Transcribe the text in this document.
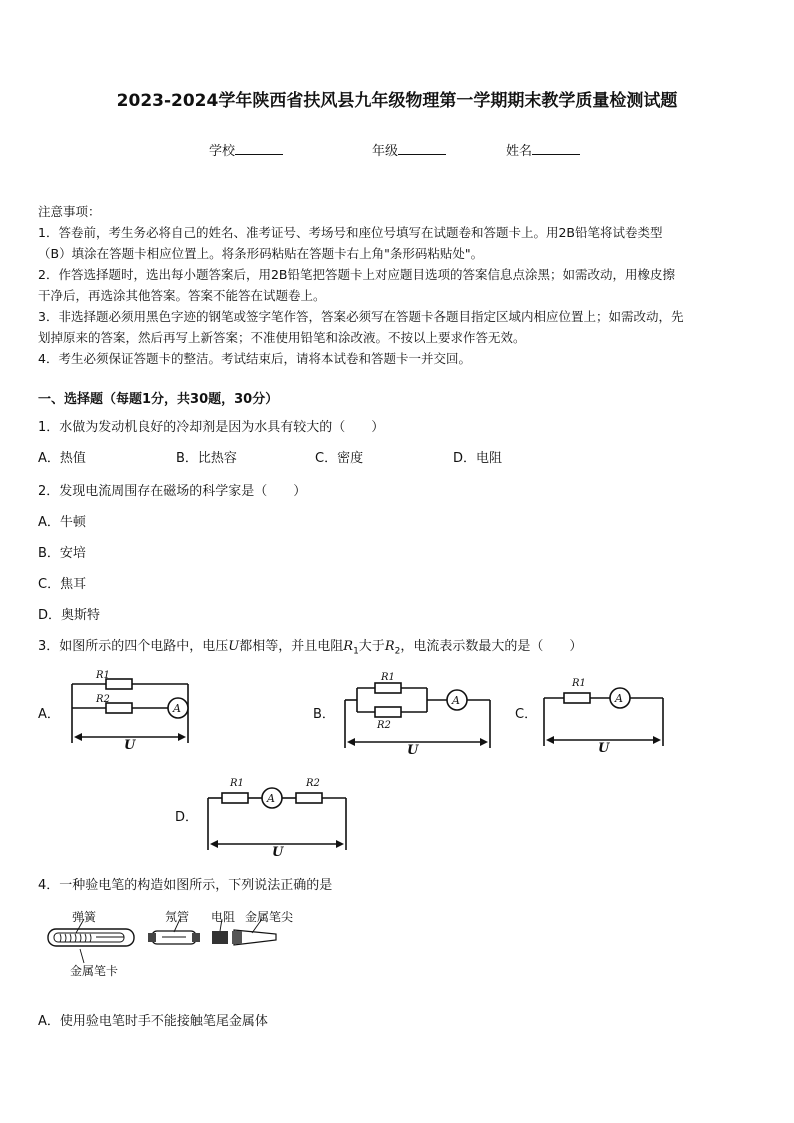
2023-2024学年陕西省扶风县九年级物理第一学期期末教学质量检测试题
学校	年级	姓名
注意事项：
1．答卷前，考生务必将自己的姓名、准考证号、考场号和座位号填写在试题卷和答题卡上。用2B铅笔将试卷类型
（B）填涂在答题卡相应位置上。将条形码粘贴在答题卡右上角"条形码粘贴处"。
2．作答选择题时，选出每小题答案后，用2B铅笔把答题卡上对应题目选项的答案信息点涂黑；如需改动，用橡皮擦
干净后，再选涂其他答案。答案不能答在试题卷上。
3．非选择题必须用黑色字迹的钢笔或签字笔作答，答案必须写在答题卡各题目指定区域内相应位置上；如需改动，先
划掉原来的答案，然后再写上新答案；不准使用铅笔和涂改液。不按以上要求作答无效。
4．考生必须保证答题卡的整洁。考试结束后，请将本试卷和答题卡一并交回。
一、选择题（每题1分，共30题，30分）
1．水做为发动机良好的冷却剂是因为水具有较大的（　　）
A．热值	B．比热容	C．密度	D．电阻
2．发现电流周围存在磁场的科学家是（　　）
A．牛顿
B．安培
C．焦耳
D．奥斯特
3．如图所示的四个电路中，电压U都相等，并且电阻$R_1$大于$R_2$，电流表示数最大的是（　　）
A．	B．	C．
D．
A
R1
R2
U
A
R1
R2
U
A
R1
U
A
R1	R2
U
4．一种验电笔的构造如图所示，下列说法正确的是
弹簧	氖管 电阻 金属笔尖
金属笔卡
A．使用验电笔时手不能接触笔尾金属体
